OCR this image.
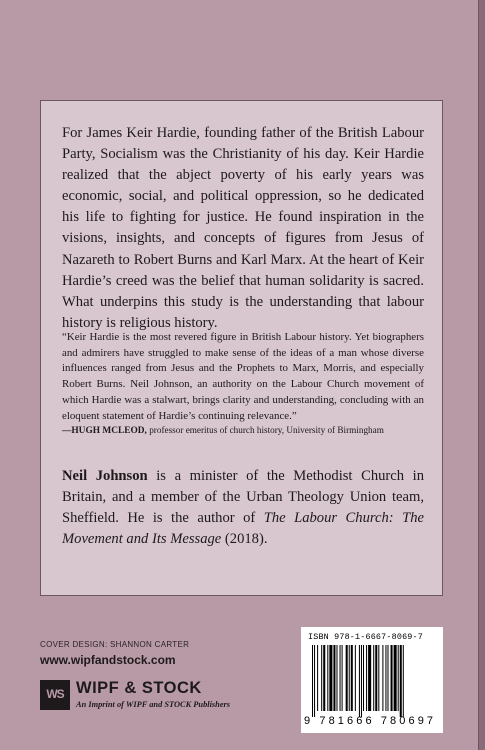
For James Keir Hardie, founding father of the British Labour Party, Socialism was the Christianity of his day. Keir Hardie realized that the abject poverty of his early years was economic, social, and political oppression, so he dedicated his life to fighting for justice. He found inspiration in the visions, insights, and concepts of figures from Jesus of Nazareth to Robert Burns and Karl Marx. At the heart of Keir Hardie’s creed was the belief that human solidarity is sacred. What underpins this study is the understanding that labour history is religious history.

“Keir Hardie is the most revered figure in British Labour history. Yet biographers and admirers have struggled to make sense of the ideas of a man whose diverse influences ranged from Jesus and the Prophets to Marx, Morris, and especially Robert Burns. Neil Johnson, an authority on the Labour Church movement of which Hardie was a stalwart, brings clarity and understanding, concluding with an eloquent statement of Hardie’s continuing relevance.”

—HUGH MCLEOD, professor emeritus of church history, University of Birmingham

Neil Johnson is a minister of the Methodist Church in Britain, and a member of the Urban Theology Union team, Sheffield. He is the author of The Labour Church: The Movement and Its Message (2018).

COVER DESIGN: SHANNON CARTER
www.wipfandstock.com
WS WIPF & STOCK
An Imprint of WIPF and STOCK Publishers
ISBN 978-1-6667-8069-7
9 781666 780697
